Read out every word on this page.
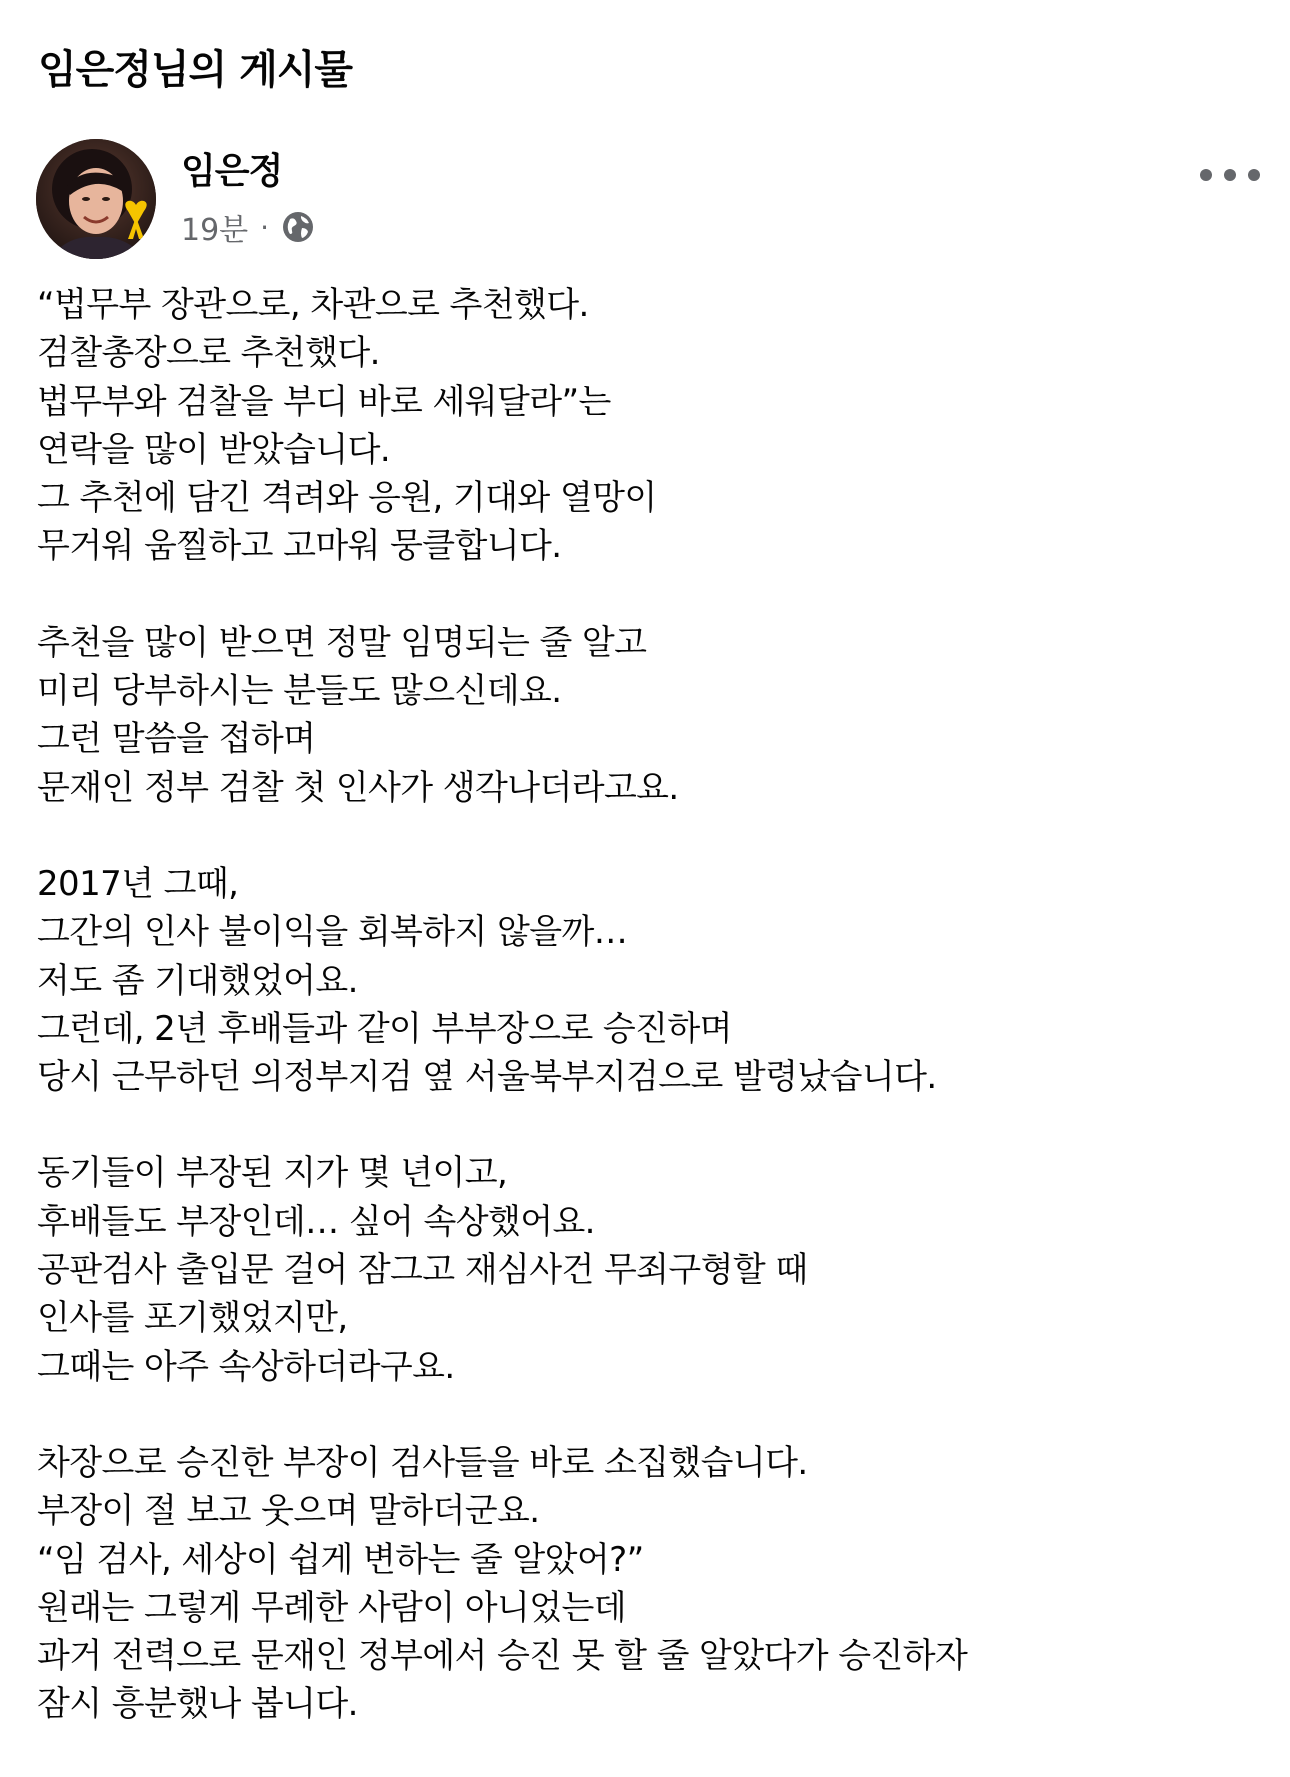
임은정님의 게시물
임은정
19분 ·
“법무부 장관으로, 차관으로 추천했다.
검찰총장으로 추천했다.
법무부와 검찰을 부디 바로 세워달라”는
연락을 많이 받았습니다.
그 추천에 담긴 격려와 응원, 기대와 열망이
무거워 움찔하고 고마워 뭉클합니다.
추천을 많이 받으면 정말 임명되는 줄 알고
미리 당부하시는 분들도 많으신데요.
그런 말씀을 접하며
문재인 정부 검찰 첫 인사가 생각나더라고요.
2017년 그때,
그간의 인사 불이익을 회복하지 않을까…
저도 좀 기대했었어요.
그런데, 2년 후배들과 같이 부부장으로 승진하며
당시 근무하던 의정부지검 옆 서울북부지검으로 발령났습니다.
동기들이 부장된 지가 몇 년이고,
후배들도 부장인데… 싶어 속상했어요.
공판검사 출입문 걸어 잠그고 재심사건 무죄구형할 때
인사를 포기했었지만,
그때는 아주 속상하더라구요.
차장으로 승진한 부장이 검사들을 바로 소집했습니다.
부장이 절 보고 웃으며 말하더군요.
“임 검사, 세상이 쉽게 변하는 줄 알았어?”
원래는 그렇게 무례한 사람이 아니었는데
과거 전력으로 문재인 정부에서 승진 못 할 줄 알았다가 승진하자
잠시 흥분했나 봅니다.
